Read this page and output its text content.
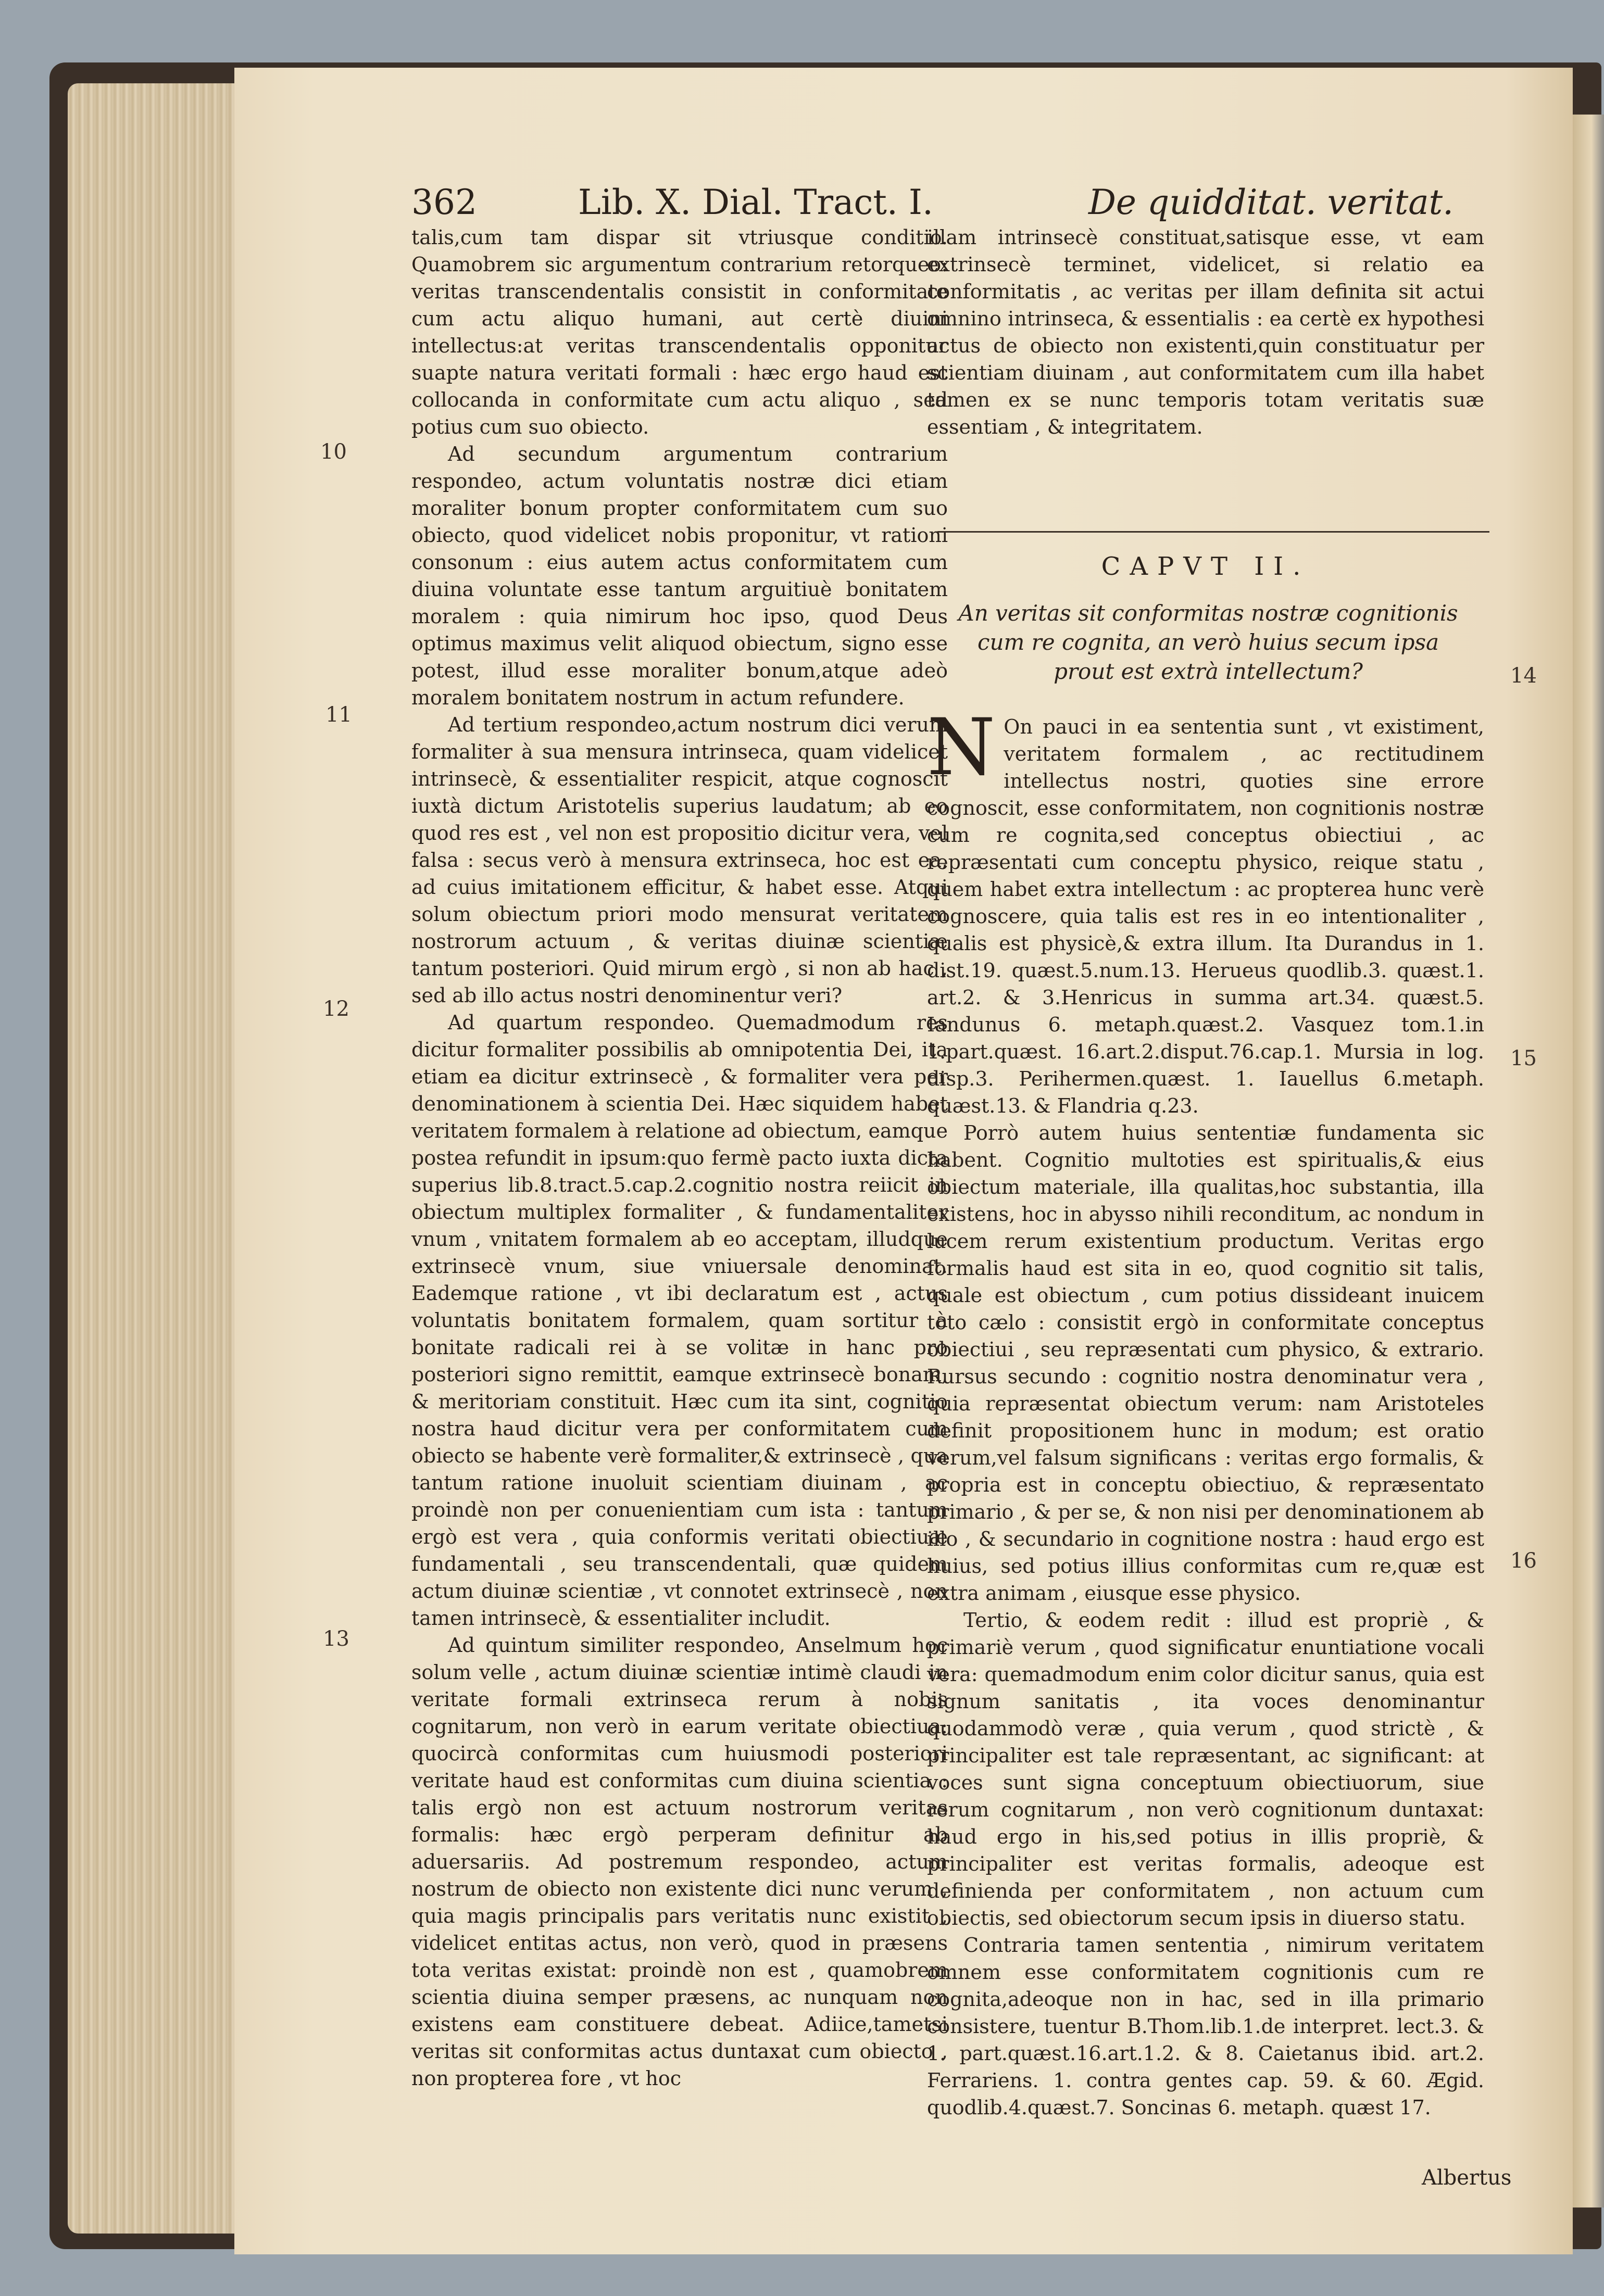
362	Lib. X. Dial. Tract. I.	De quidditat. veritat.
10
11
12
13
14
15
16

talis,cum tam dispar sit vtriusque conditio. Quamobrem sic argumentum contrarium retorqueo: veritas transcendentalis consistit in conformitate cum actu aliquo humani, aut certè diuini intellectus:at veritas transcendentalis opponitur suapte natura veritati formali : hæc ergo haud est collocanda in conformitate cum actu aliquo , sed potius cum suo obiecto.

Ad secundum argumentum contrarium respondeo, actum voluntatis nostræ dici etiam moraliter bonum propter conformitatem cum suo obiecto, quod videlicet nobis proponitur, vt rationi consonum : eius autem actus conformitatem cum diuina voluntate esse tantum arguitiuè bonitatem moralem : quia nimirum hoc ipso, quod Deus optimus maximus velit aliquod obiectum, signo esse potest, illud esse moraliter bonum,atque adeò moralem bonitatem nostrum in actum refundere.

Ad tertium respondeo,actum nostrum dici verum formaliter à sua mensura intrinseca, quam videlicet intrinsecè, & essentialiter respicit, atque cognoscit iuxtà dictum Aristotelis superius laudatum; ab eo quod res est , vel non est propositio dicitur vera, vel falsa : secus verò à mensura extrinseca, hoc est ea, ad cuius imitationem efficitur, & habet esse. Atqui solum obiectum priori modo mensurat veritatem nostrorum actuum , & veritas diuinæ scientiæ tantum posteriori. Quid mirum ergò , si non ab hac , sed ab illo actus nostri denominentur veri?

Ad quartum respondeo. Quemadmodum res dicitur formaliter possibilis ab omnipotentia Dei, ita etiam ea dicitur extrinsecè , & formaliter vera per denominationem à scientia Dei. Hæc siquidem habet veritatem formalem à relatione ad obiectum, eamque postea refundit in ipsum:quo fermè pacto iuxta dicta superius lib.8.tract.5.cap.2.cognitio nostra reiicit in obiectum multiplex formaliter , & fundamentaliter vnum , vnitatem formalem ab eo acceptam, illudque extrinsecè vnum, siue vniuersale denominat. Eademque ratione , vt ibi declaratum est , actus voluntatis bonitatem formalem, quam sortitur à bonitate radicali rei à se volitæ in hanc pro posteriori signo remittit, eamque extrinsecè bonam, & meritoriam constituit. Hæc cum ita sint, cognitio nostra haud dicitur vera per conformitatem cum obiecto se habente verè formaliter,& extrinsecè , qua tantum ratione inuoluit scientiam diuinam , ac proindè non per conuenientiam cum ista : tantum ergò est vera , quia conformis veritati obiectiuæ fundamentali , seu transcendentali, quæ quidem actum diuinæ scientiæ , vt connotet extrinsecè , non tamen intrinsecè, & essentialiter includit.

Ad quintum similiter respondeo, Anselmum hoc solum velle , actum diuinæ scientiæ intimè claudi in veritate formali extrinseca rerum à nobis cognitarum, non verò in earum veritate obiectiua: quocircà conformitas cum huiusmodi posteriori veritate haud est conformitas cum diuina scientia : talis ergò non est actuum nostrorum veritas formalis: hæc ergò perperam definitur ab aduersariis. Ad postremum respondeo, actum nostrum de obiecto non existente dici nunc verum , quia magis principalis pars veritatis nunc existit , videlicet entitas actus, non verò, quod in præsens tota veritas existat: proindè non est , quamobrem scientia diuina semper præsens, ac nunquam non existens eam constituere debeat. Adiice,tametsi veritas sit conformitas actus duntaxat cum obiecto , non propterea fore , vt hoc

illam intrinsecè constituat,satisque esse, vt eam extrinsecè terminet, videlicet, si relatio ea conformitatis , ac veritas per illam definita sit actui omnino intrinseca, & essentialis : ea certè ex hypothesi actus de obiecto non existenti,quin constituatur per scientiam diuinam , aut conformitatem cum illa habet tamen ex se nunc temporis totam veritatis suæ essentiam , & integritatem.

CAPVT II.
An veritas sit conformitas nostræ cognitionis cum re cognita, an verò huius secum ipsa prout est extrà intellectum?

N On pauci in ea sententia sunt , vt existiment, veritatem formalem , ac rectitudinem intellectus nostri, quoties sine errore cognoscit, esse conformitatem, non cognitionis nostræ cum re cognita,sed conceptus obiectiui , ac repræsentati cum conceptu physico, reique statu , quem habet extra intellectum : ac propterea hunc verè cognoscere, quia talis est res in eo intentionaliter , qualis est physicè,& extra illum. Ita Durandus in 1. dist.19. quæst.5.num.13. Herueus quodlib.3. quæst.1. art.2. & 3.Henricus in summa art.34. quæst.5. Iandunus 6. metaph.quæst.2. Vasquez tom.1.in 1.part.quæst. 16.art.2.disput.76.cap.1. Mursia in log. disp.3. Perihermen.quæst. 1. Iauellus 6.metaph. quæst.13. & Flandria q.23.

Porrò autem huius sententiæ fundamenta sic habent. Cognitio multoties est spiritualis,& eius obiectum materiale, illa qualitas,hoc substantia, illa existens, hoc in abysso nihili reconditum, ac nondum in lucem rerum existentium productum. Veritas ergo formalis haud est sita in eo, quod cognitio sit talis, quale est obiectum , cum potius dissideant inuicem toto cælo : consistit ergò in conformitate conceptus obiectiui , seu repræsentati cum physico, & extrario. Rursus secundo : cognitio nostra denominatur vera , quia repræsentat obiectum verum: nam Aristoteles definit propositionem hunc in modum; est oratio verum,vel falsum significans : veritas ergo formalis, & propria est in conceptu obiectiuo, & repræsentato primario , & per se, & non nisi per denominationem ab illo , & secundario in cognitione nostra : haud ergo est huius, sed potius illius conformitas cum re,quæ est extra animam , eiusque esse physico.

Tertio, & eodem redit : illud est propriè , & primariè verum , quod significatur enuntiatione vocali vera: quemadmodum enim color dicitur sanus, quia est signum sanitatis , ita voces denominantur quodammodò veræ , quia verum , quod strictè , & principaliter est tale repræsentant, ac significant: at voces sunt signa conceptuum obiectiuorum, siue rerum cognitarum , non verò cognitionum duntaxat: haud ergo in his,sed potius in illis propriè, & principaliter est veritas formalis, adeoque est definienda per conformitatem , non actuum cum obiectis, sed obiectorum secum ipsis in diuerso statu.

Contraria tamen sententia , nimirum veritatem omnem esse conformitatem cognitionis cum re cognita,adeoque non in hac, sed in illa primario consistere, tuentur B.Thom.lib.1.de interpret. lect.3. & 1. part.quæst.16.art.1.2. & 8. Caietanus ibid. art.2. Ferrariens. 1. contra gentes cap. 59. & 60. Ægid. quodlib.4.quæst.7. Soncinas 6. metaph. quæst 17.

Albertus
